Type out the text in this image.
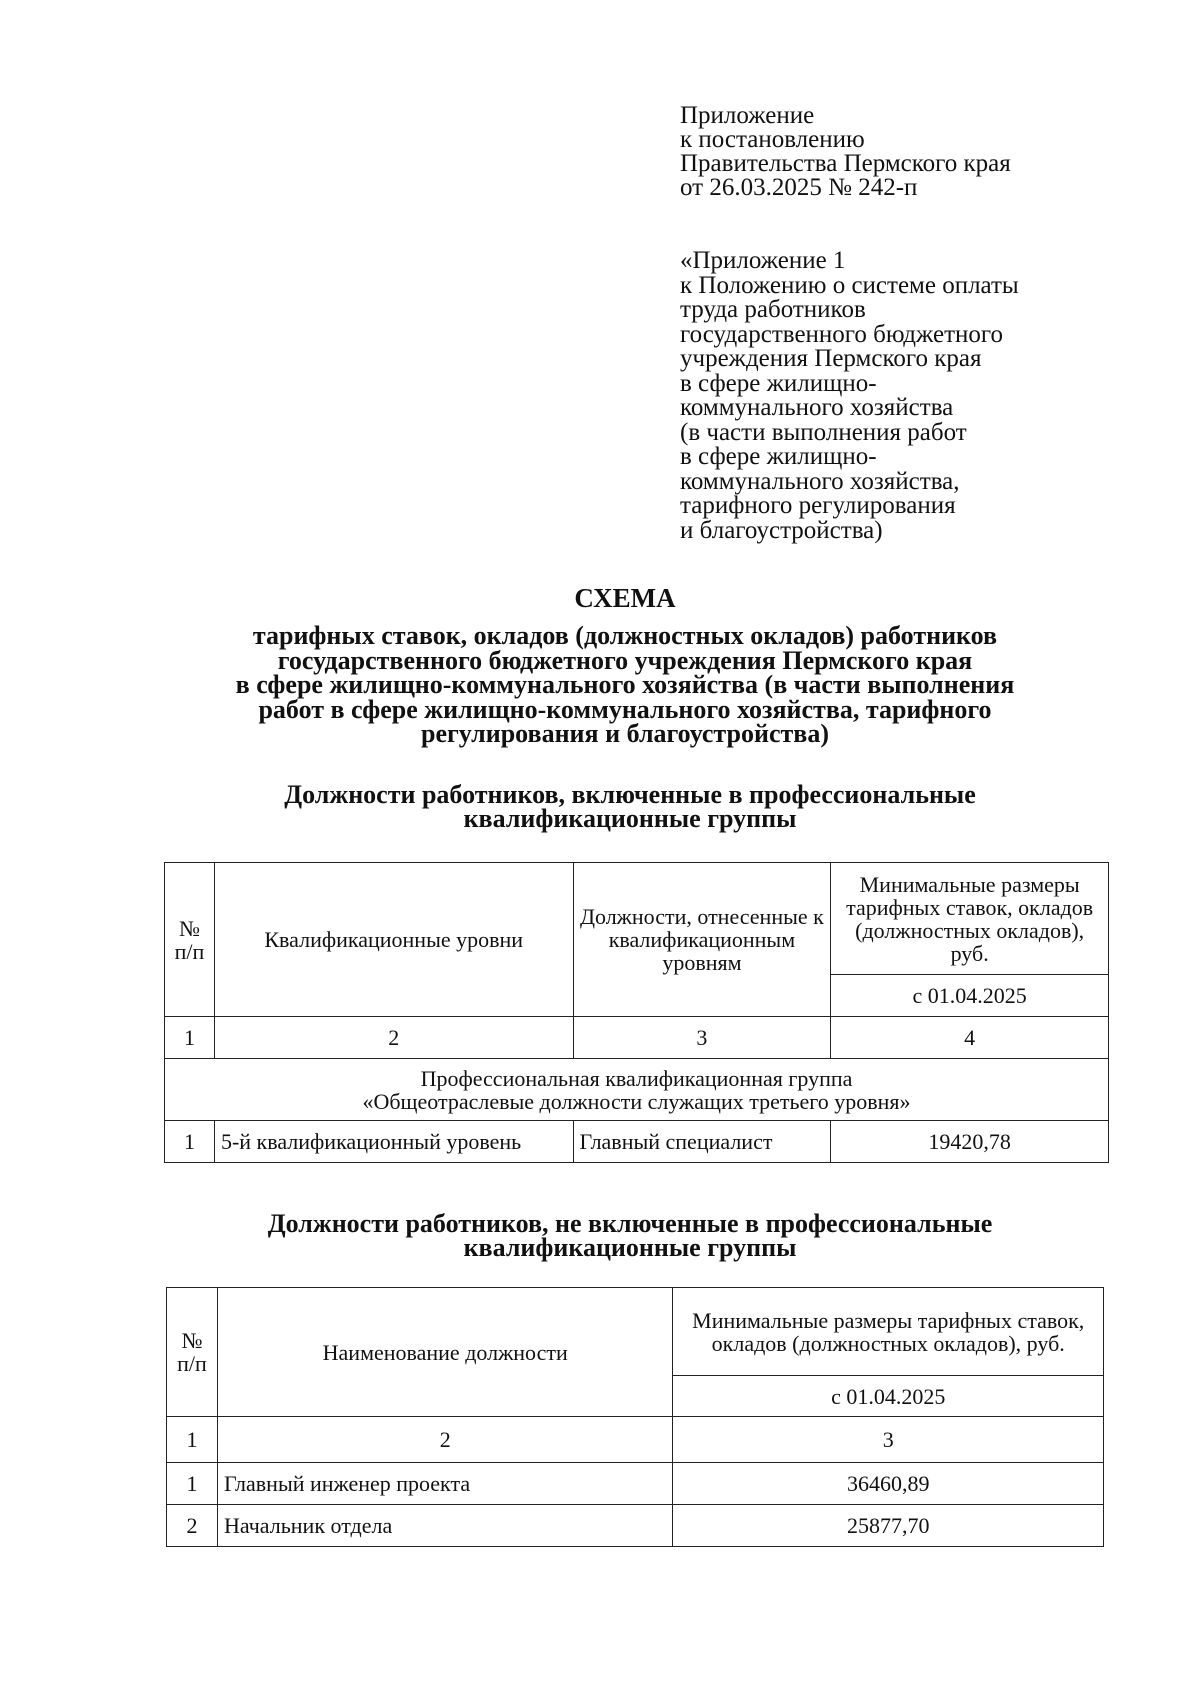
Приложение
к постановлению
Правительства Пермского края
от 26.03.2025 № 242-п
«Приложение 1
к Положению о системе оплаты
труда работников
государственного бюджетного
учреждения Пермского края
в сфере жилищно-
коммунального хозяйства
(в части выполнения работ
в сфере жилищно-
коммунального хозяйства,
тарифного регулирования
и благоустройства)
СХЕМА
тарифных ставок, окладов (должностных окладов) работников
государственного бюджетного учреждения Пермского края
в сфере жилищно-коммунального хозяйства (в части выполнения
работ в сфере жилищно-коммунального хозяйства, тарифного
регулирования и благоустройства)
Должности работников, включенные в профессиональные
квалификационные группы
№ п/п	Квалификационные уровни	Должности, отнесенные к квалификационным уровням	Минимальные размеры тарифных ставок, окладов (должностных окладов), руб.
			с 01.04.2025
1	2	3	4

Профессиональная квалификационная группа
«Общеотраслевые должности служащих третьего уровня»			

1	5-й квалификационный уровень	Главный специалист	19420,78
Должности работников, не включенные в профессиональные
квалификационные группы
№ п/п	Наименование должности	Минимальные размеры тарифных ставок, окладов (должностных окладов), руб.
		с 01.04.2025
1	2	3
1	Главный инженер проекта	36460,89
2	Начальник отдела	25877,70
